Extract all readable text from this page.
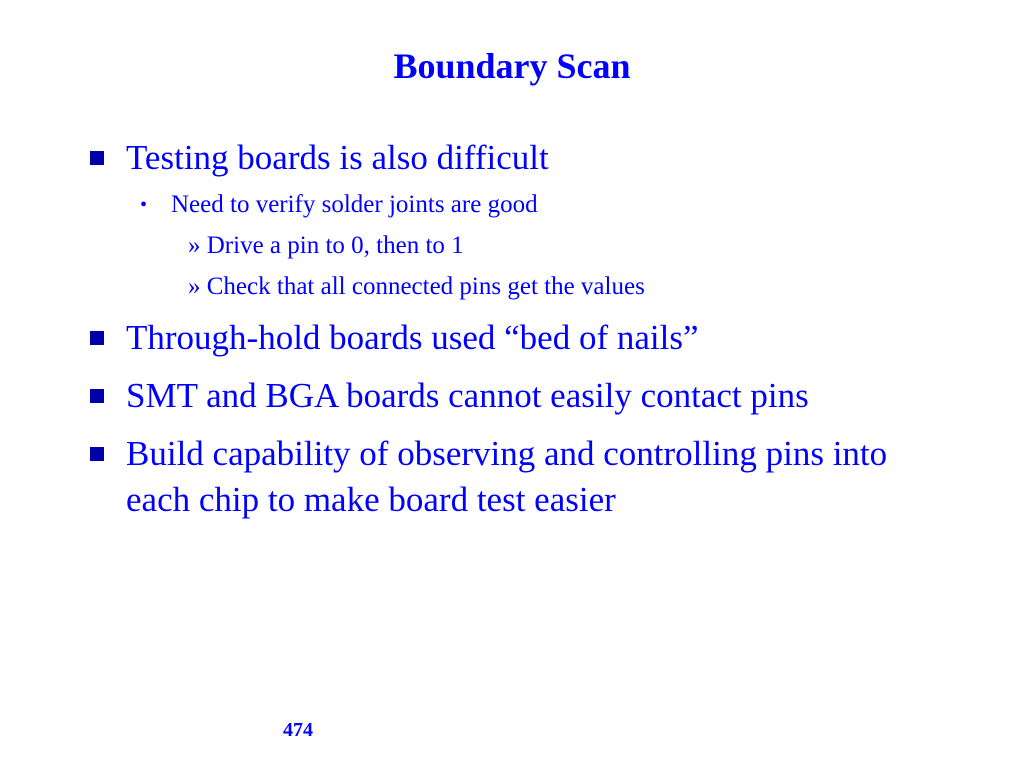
Boundary Scan

Testing boards is also difficult

• Need to verify solder joints are good

» Drive a pin to 0, then to 1

» Check that all connected pins get the values

Through-hold boards used “bed of nails”

SMT and BGA boards cannot easily contact pins

Build capability of observing and controlling pins into each chip to make board test easier

474
